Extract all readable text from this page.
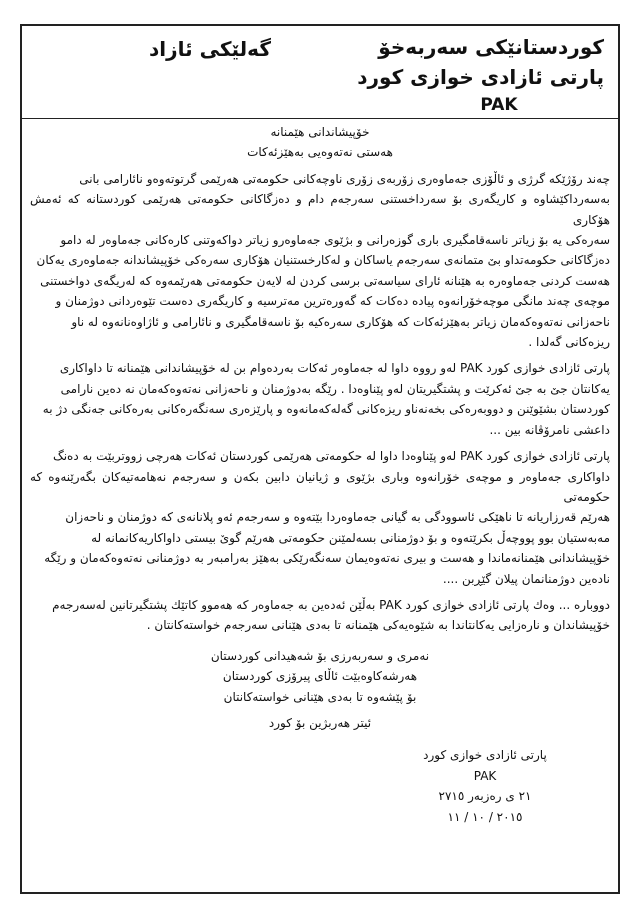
کوردستانێکی سەربەخۆ
پارتی ئازادی خوازی کورد
PAK
گەلێکی ئازاد

خۆپیشاندانی هێمنانە

هەستی نەتەوەیی بەهێزئەکات

چەند رۆژێکە گرژی و ئاڵۆزی جەماوەری زۆربەی زۆری ناوچەکانی حکومەتی هەرێمی گرتوتەوەو نائارامی بانی

بەسەرداکێشاوە و کاریگەری بۆ سەرداخستنی سەرجەم دام و دەزگاکانی حکومەتی هەرێمی کوردستانە کە ئەمش هۆکاری

سەرەکی یە بۆ زیاتر ناسەقامگیری باری گوزەرانی و بژێوی جەماوەرو زیاتر دواکەوتنی کارەکانی جەماوەر لە دامو

دەزگاکانی حکومەتداو بێ متمانەی سەرجەم یاساکان و لەکارخستنیان هۆکاری سەرەکی خۆپیشاندانە جەماوەری یەکان

هەست کردنی جەماوەرە بە هێنانە ئارای سیاسەتی برسی کردن لە لایەن حکومەتی هەرێمەوە کە لەریگەی دواخستنی

موچەی چەند مانگی موچەخۆرانەوە پیادە دەکات کە گەورەترین مەترسیە و کاریگەری دەست تێوەردانی دوژمنان و

ناحەزانی نەتەوەکەمان زیاتر بەهێزئەکات کە هۆکاری سەرەکیە بۆ ناسەقامگیری و نائارامی و ئاژاوەنانەوە لە ناو

ریزەکانی گەلدا .

پارتی ئازادی خوازی کورد PAK لەو رووە داوا لە جەماوەر ئەکات بەردەوام بن لە خۆپیشاندانی هێمنانە تا داواکاری

یەکانتان جێ بە جێ ئەکرێت و پشتگیریتان لەو پێناوەدا . رێگە بەدوژمنان و ناحەزانی نەتەوەکەمان نە دەین نارامی

کوردستان بشێوێنن و دووبەرەکی بخەنەناو ریزەکانی گەلەکەمانەوە و پارێزەری سەنگەرەکانی بەرەکانی جەنگی دژ بە

داعشی نامرۆڤانە بین ...

پارتی ئازادی خوازی کورد PAK لەو پێناوەدا داوا لە حکومەتی هەرێمی کوردستان ئەکات هەرچی زووتربێت بە دەنگ

داواکاری جەماوەر و موچەی خۆرانەوە وباری بژێوی و ژیانیان دابین بکەن و سەرجەم نەهامەتیەکان بگەرێنەوە کە حکومەتی

هەرێم قەرزاریانە تا ناهێکی ئاسوودگی بە گیانی جەماوەردا بێتەوە و سەرجەم ئەو پلانانەی کە دوژمنان و ناحەزان

مەبەستیان بوو پووچەڵ بکرێتەوە و بۆ دوژمنانی بسەلمێنن حکومەتی هەرێم گوێ بیستی داواکاریەکانمانە لە

خۆپیشاندانی هێمنانەماندا و هەست و بیری نەتەوەیمان سەنگەرێکی بەهێز بەرامبەر بە دوژمنانی نەتەوەکەمان و رێگە

نادەین دوژمنانمان پیلان گێڕبن ....

دووبارە ... وەك پارتی ئازادی خوازی کورد PAK بەڵێن ئەدەین بە جەماوەر کە هەموو کاتێك پشتگیرتانین لەسەرجەم

خۆپیشاندان و نارەزایی یەکانتاندا بە شێوەیەکی هێمنانە تا بەدی هێنانی سەرجەم خواستەکانتان .

نەمری و سەربەرزی بۆ شەهیدانی کوردستان

هەرشەکاوەبێت ئاڵای پیرۆزی کوردستان

بۆ پێشەوە تا بەدی هێنانی خواستەکانتان

ئیتر هەربژین بۆ کورد

پارتی ئازادی خوازی کورد
PAK
٢١ ی رەزبەر ٢٧١٥
٢٠١٥ / ١٠ / ١١
